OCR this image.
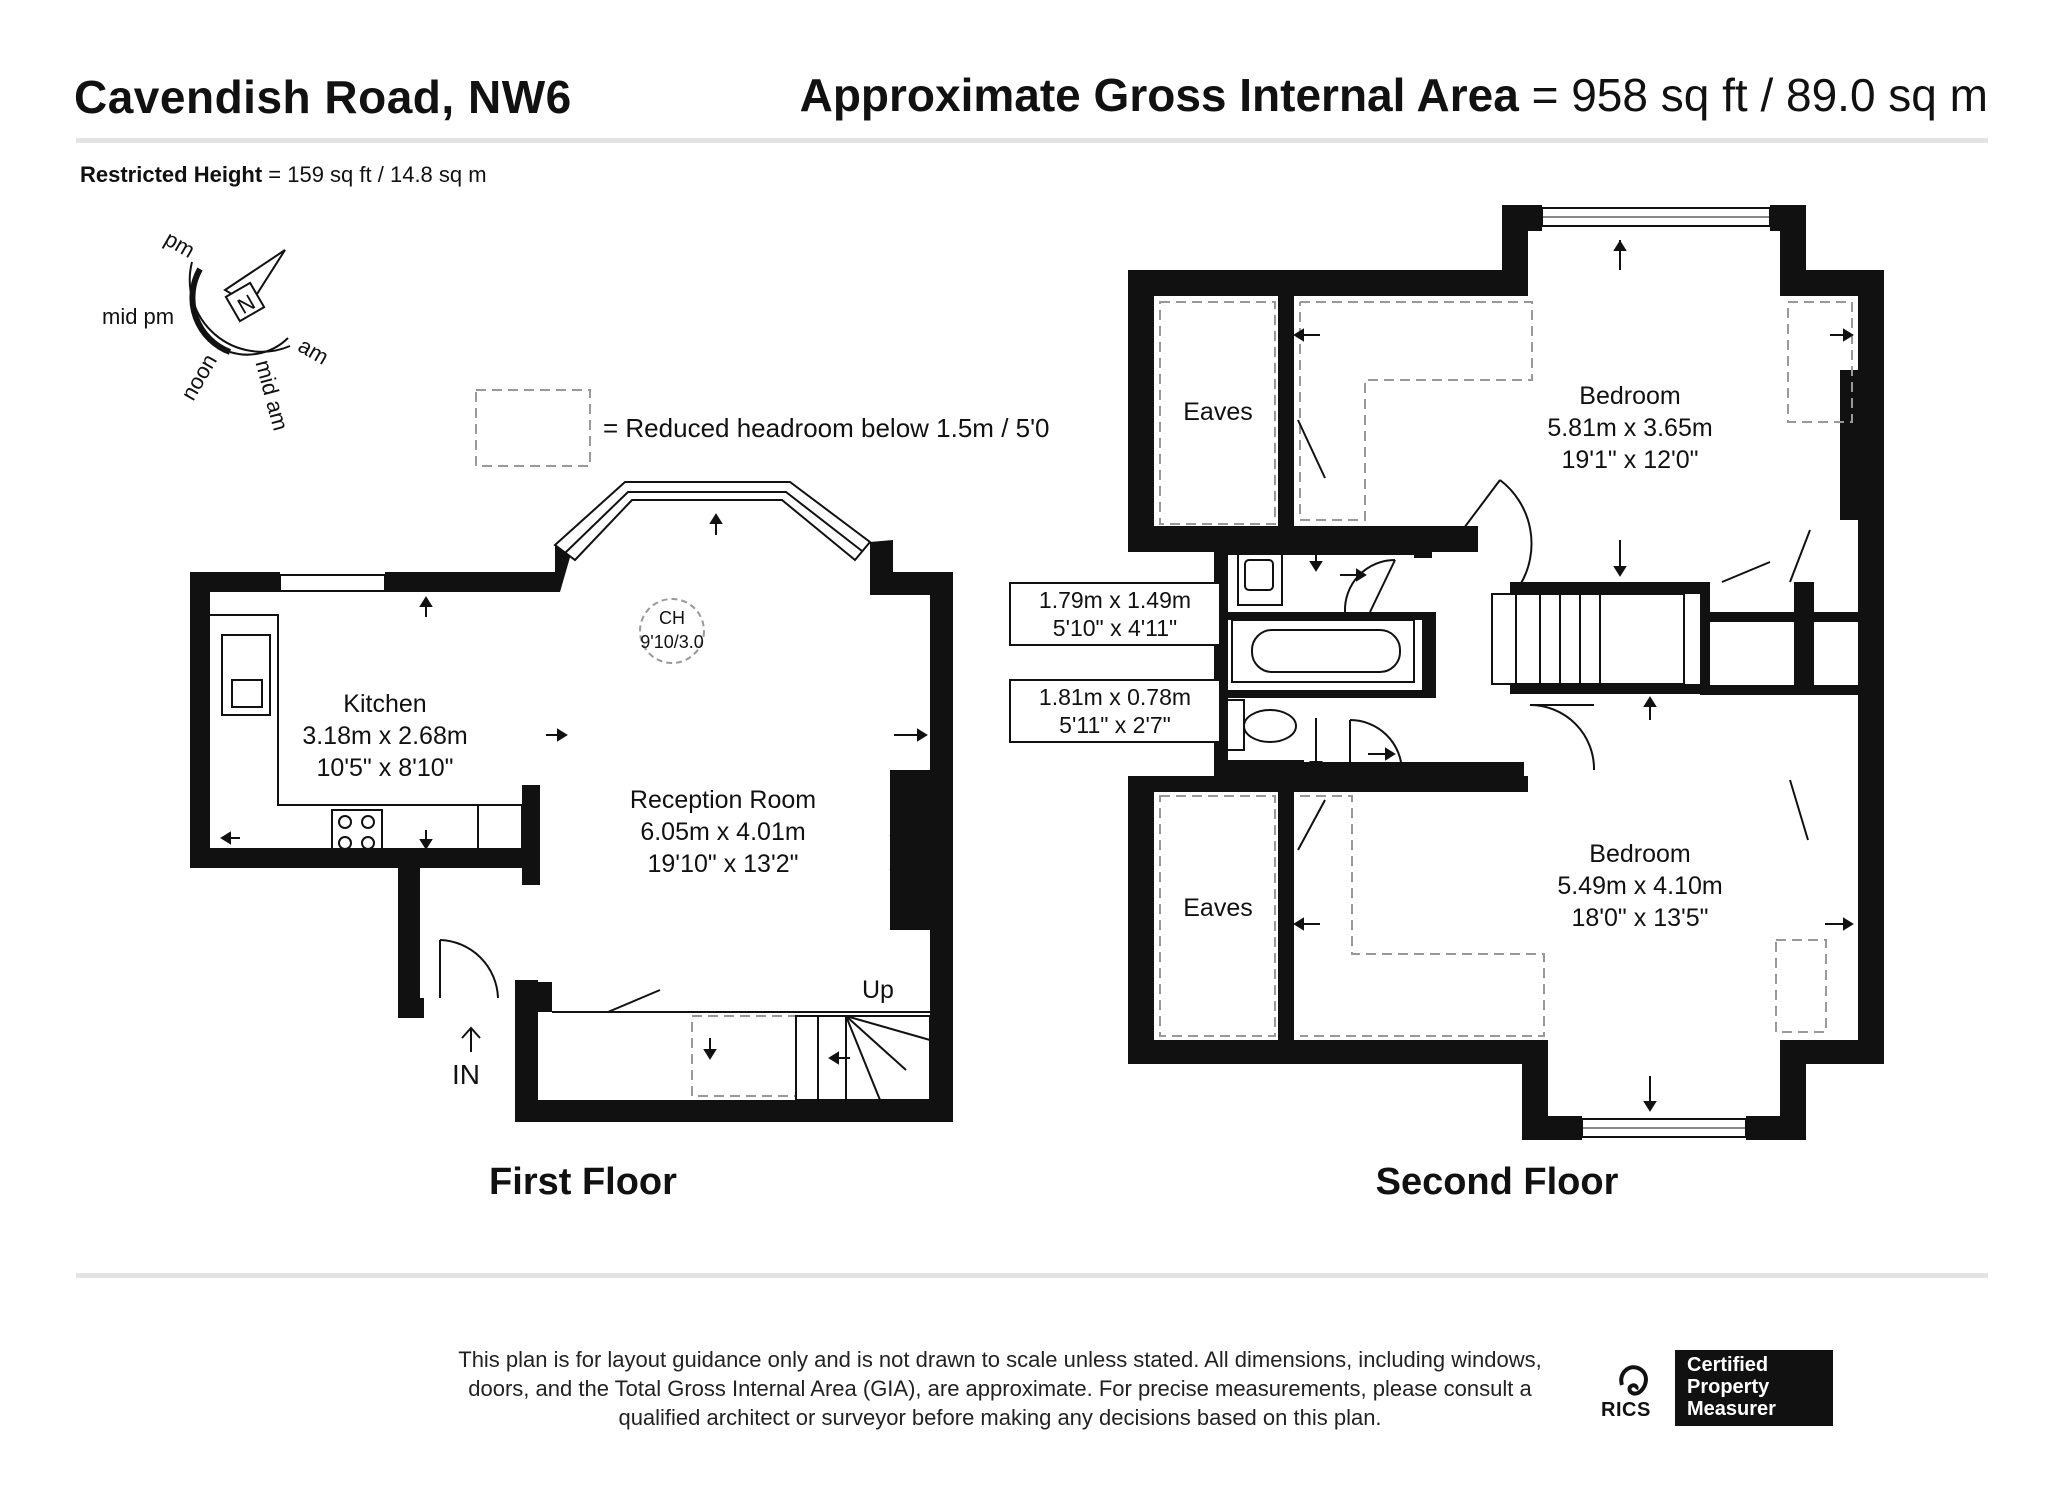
Cavendish Road, NW6	Approximate Gross Internal Area = 958 sq ft / 89.0 sq m
Restricted Height = 159 sq ft / 14.8 sq m
N
pm
mid pm
noon mid am
am
= Reduced headroom below 1.5m / 5'0
Kitchen
3.18m x 2.68m
10'5" x 8'10"
Reception Room
6.05m x 4.01m
19'10" x 13'2"
CH
9'10/3.0
Up
IN
First Floor
1.79m x 1.49m
5'10" x 4'11"
1.81m x 0.78m
5'11" x 2'7"
Eaves
Eaves
Bedroom
5.81m x 3.65m
19'1" x 12'0"
Bedroom
5.49m x 4.10m
18'0" x 13'5"
Second Floor
This plan is for layout guidance only and is not drawn to scale unless stated. All dimensions, including windows, doors, and the Total Gross Internal Area (GIA), are approximate. For precise measurements, please consult a qualified architect or surveyor before making any decisions based on this plan.	RICS
Certified
Property
Measurer
